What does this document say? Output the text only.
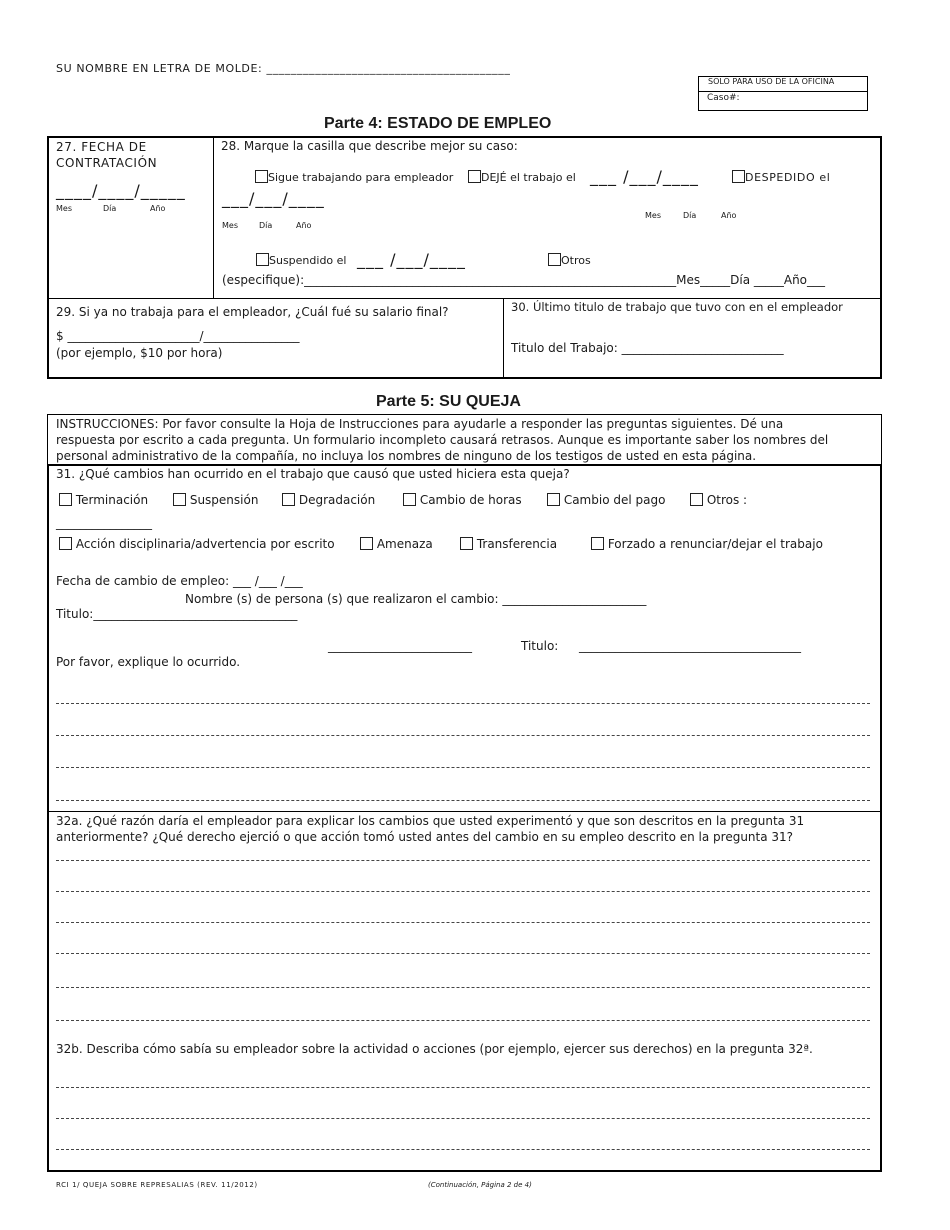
SU NOMBRE EN LETRA DE MOLDE: ________________________________________
SOLO PARA USO DE LA OFICINA
Caso#:
Parte 4: ESTADO DE EMPLEO
27. FECHA DE
CONTRATACIÓN
____/____/_____
Mes	Día	Año
28. Marque la casilla que describe mejor su caso:
Sigue trabajando para empleador	DEJÉ el trabajo el ___ /___/____	DESPEDIDO el
___/___/____
Mes	Día	Año
Mes	Día	Año
Suspendido el ___ /___/____	Otros
(especifique):______________________________________________________________Mes_____Día _____Año___
29. Si ya no trabaja para el empleador, ¿Cuál fué su salario final?
$ ______________________/________________
(por ejemplo, $10 por hora)
30. Último titulo de trabajo que tuvo con en el empleador
Titulo del Trabajo: ___________________________
Parte 5: SU QUEJA
INSTRUCCIONES: Por favor consulte la Hoja de Instrucciones para ayudarle a responder las preguntas siguientes. Dé una
respuesta por escrito a cada pregunta. Un formulario incompleto causará retrasos. Aunque es importante saber los nombres del
personal administrativo de la compañía, no incluya los nombres de ninguno de los testigos de usted en esta página.
31. ¿Qué cambios han ocurrido en el trabajo que causó que usted hiciera esta queja?
Terminación	Suspensión	Degradación	Cambio de horas	Cambio del pago	Otros :
________________
Acción disciplinaria/advertencia por escrito	Amenaza	Transferencia	Forzado a renunciar/dejar el trabajo
Fecha de cambio de empleo: ___ /___ /___
Nombre (s) de persona (s) que realizaron el cambio: ________________________
Titulo:__________________________________
________________________	Titulo: _____________________________________
Por favor, explique lo ocurrido.
32a. ¿Qué razón daría el empleador para explicar los cambios que usted experimentó y que son descritos en la pregunta 31
anteriormente? ¿Qué derecho ejerció o que acción tomó usted antes del cambio en su empleo descrito en la pregunta 31?
32b. Describa cómo sabía su empleador sobre la actividad o acciones (por ejemplo, ejercer sus derechos) en la pregunta 32ª.
RCI 1/ QUEJA SOBRE REPRESALIAS (REV. 11/2012)	(Continuación, Página 2 de 4)
